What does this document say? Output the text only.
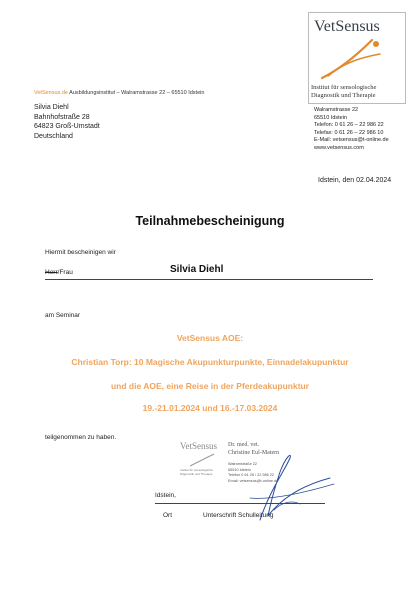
VetSensus
Institut für sensologische
Diagnostik und Therapie
VetSensus.de Ausbildungsinstitut – Walramstrasse 22 – 65510 Idstein
Silvia Diehl
Bahnhofstraße 28
64823 Groß-Umstadt
Deutschland
Walramstrasse 22
65510 Idstein
Telefon: 0 61 26 – 22 986 22
Telefax: 0 61 26 – 22 986 10
E-Mail: vetsensus@t-online.de
www.vetsensus.com
Idstein, den 02.04.2024
Teilnahmebescheinigung
Hiermit bescheinigen wir
Herr/Frau	Silvia Diehl
am Seminar
VetSensus AOE:
Christian Torp: 10 Magische Akupunkturpunkte, Einnadelakupunktur
und die AOE, eine Reise in der Pferdeakupunktur
19.-21.01.2024 und 16.-17.03.2024
teilgenommen zu haben.
VetSensus
Institut für sensologische
Diagnostik und Therapie
Dr. med. vet.
Christine Eul-Matern
Walramstraße 22
65510 Idstein
Telefon 0 61 26 / 22 986 22
Email: vetsensus@t-online.de
Idstein,
Ort	Unterschrift Schulleitung
